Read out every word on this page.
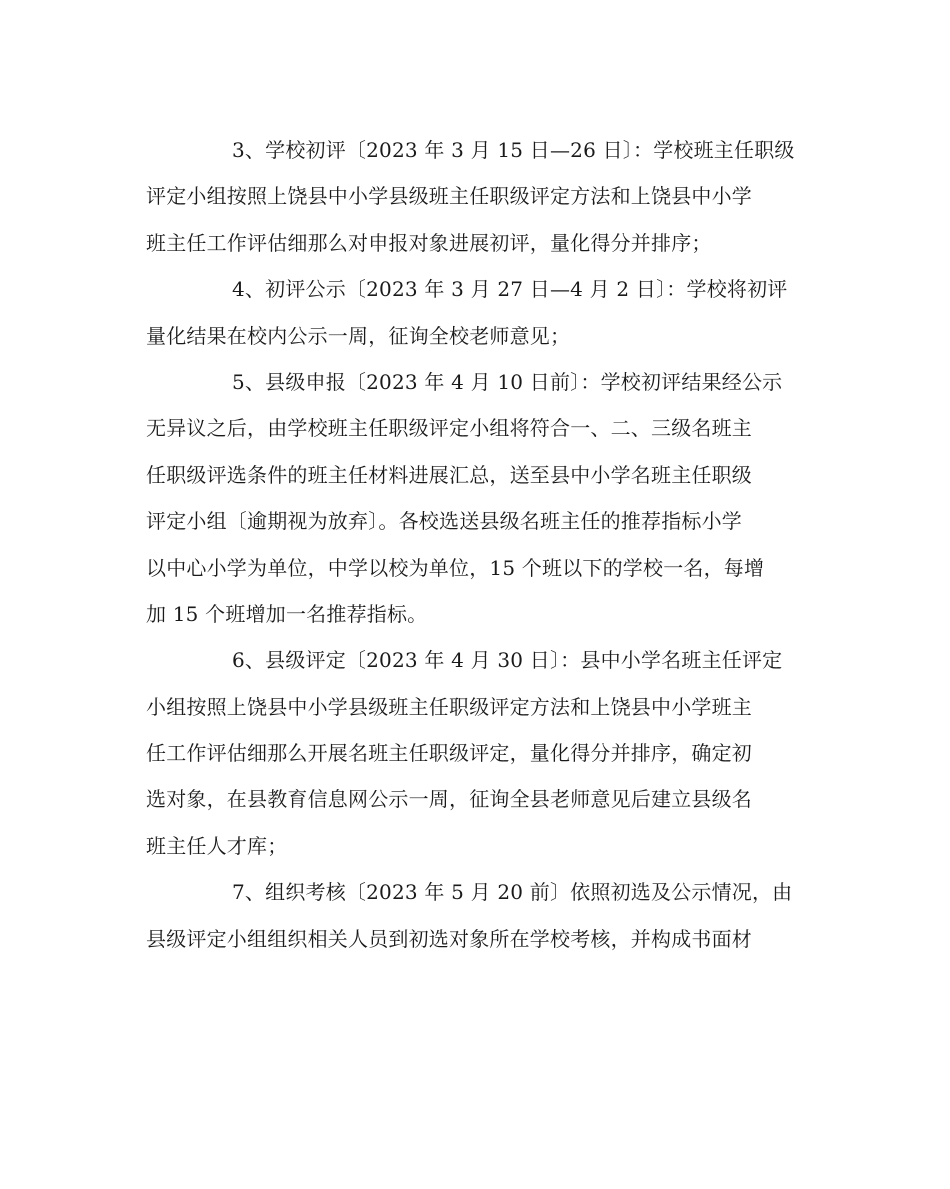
3、学校初评〔2023 年 3 月 15 日—26 日〕：学校班主任职级
评定小组按照上饶县中小学县级班主任职级评定方法和上饶县中小学
班主任工作评估细那么对申报对象进展初评，量化得分并排序；
4、初评公示〔2023 年 3 月 27 日—4 月 2 日〕：学校将初评
量化结果在校内公示一周，征询全校老师意见；
5、县级申报〔2023 年 4 月 10 日前〕：学校初评结果经公示
无异议之后，由学校班主任职级评定小组将符合一、二、三级名班主
任职级评选条件的班主任材料进展汇总，送至县中小学名班主任职级
评定小组〔逾期视为放弃〕。各校选送县级名班主任的推荐指标小学
以中心小学为单位，中学以校为单位，15 个班以下的学校一名，每增
加 15 个班增加一名推荐指标。
6、县级评定〔2023 年 4 月 30 日〕：县中小学名班主任评定
小组按照上饶县中小学县级班主任职级评定方法和上饶县中小学班主
任工作评估细那么开展名班主任职级评定，量化得分并排序，确定初
选对象，在县教育信息网公示一周，征询全县老师意见后建立县级名
班主任人才库；
7、组织考核〔2023 年 5 月 20 前〕依照初选及公示情况，由
县级评定小组组织相关人员到初选对象所在学校考核，并构成书面材
